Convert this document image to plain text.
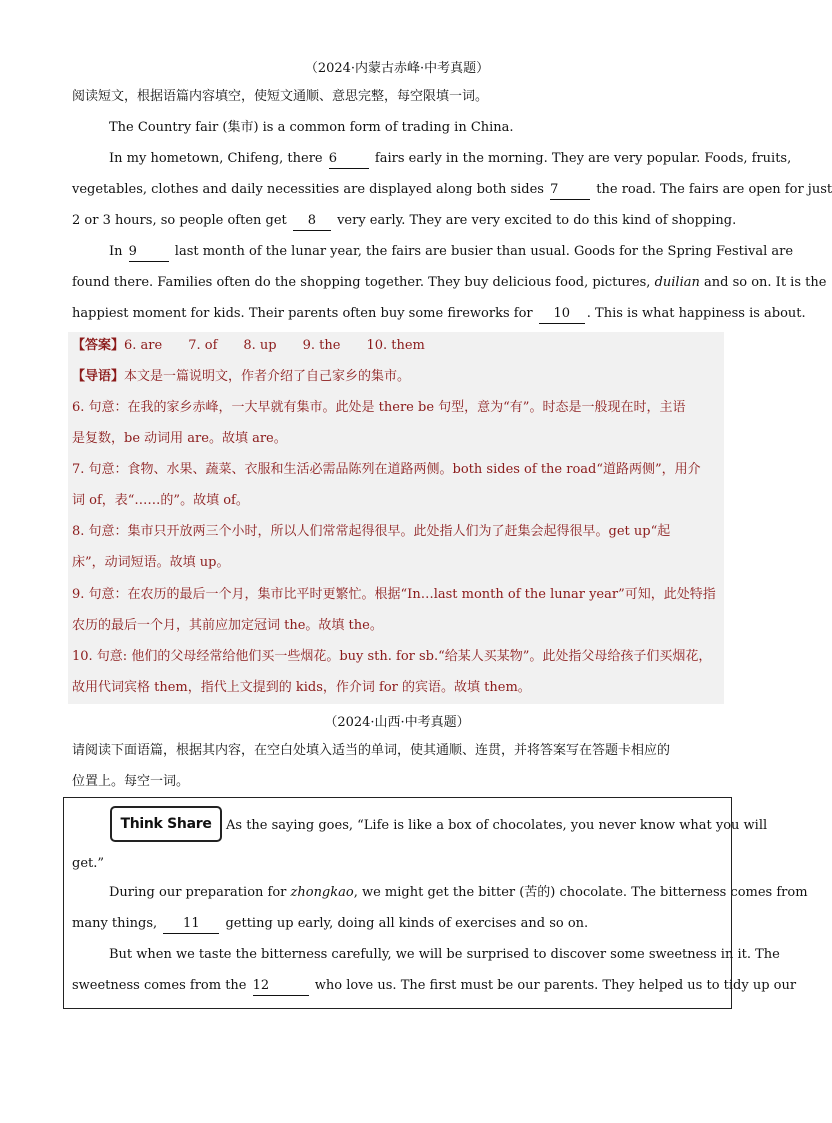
（2024·内蒙古赤峰·中考真题）
阅读短文，根据语篇内容填空，使短文通顺、意思完整，每空限填一词。
The Country fair (集市) is a common form of trading in China.
In my hometown, Chifeng, there 6	fairs early in the morning. They are very popular. Foods, fruits,
vegetables, clothes and daily necessities are displayed along both sides 7	the road. The fairs are open for just
2 or 3 hours, so people often get 8 very early. They are very excited to do this kind of shopping.
In 9	last month of the lunar year, the fairs are busier than usual. Goods for the Spring Festival are
found there. Families often do the shopping together. They buy delicious food, pictures, duilian and so on. It is the
happiest moment for kids. Their parents often buy some fireworks for 10 . This is what happiness is about.
【答案】6. are　　7. of　　8. up　　9. the　　10. them
【导语】本文是一篇说明文，作者介绍了自己家乡的集市。
6. 句意：在我的家乡赤峰，一大早就有集市。此处是 there be 句型，意为“有”。时态是一般现在时，主语
是复数，be 动词用 are。故填 are。
7. 句意：食物、水果、蔬菜、衣服和生活必需品陈列在道路两侧。both sides of the road“道路两侧”，用介
词 of，表“……的”。故填 of。
8. 句意：集市只开放两三个小时，所以人们常常起得很早。此处指人们为了赶集会起得很早。get up“起
床”，动词短语。故填 up。
9. 句意：在农历的最后一个月，集市比平时更繁忙。根据“In…last month of the lunar year”可知，此处特指
农历的最后一个月，其前应加定冠词 the。故填 the。
10. 句意: 他们的父母经常给他们买一些烟花。buy sth. for sb.“给某人买某物”。此处指父母给孩子们买烟花，
故用代词宾格 them，指代上文提到的 kids，作介词 for 的宾语。故填 them。
（2024·山西·中考真题）
请阅读下面语篇，根据其内容，在空白处填入适当的单词，使其通顺、连贯，并将答案写在答题卡相应的
位置上。每空一词。
Think Share As the saying goes, “Life is like a box of chocolates, you never know what you will
get.”
During our preparation for zhongkao, we might get the bitter (苦的) chocolate. The bitterness comes from
many things, 11 getting up early, doing all kinds of exercises and so on.
But when we taste the bitterness carefully, we will be surprised to discover some sweetness in it. The
sweetness comes from the 12	who love us. The first must be our parents. They helped us to tidy up our
